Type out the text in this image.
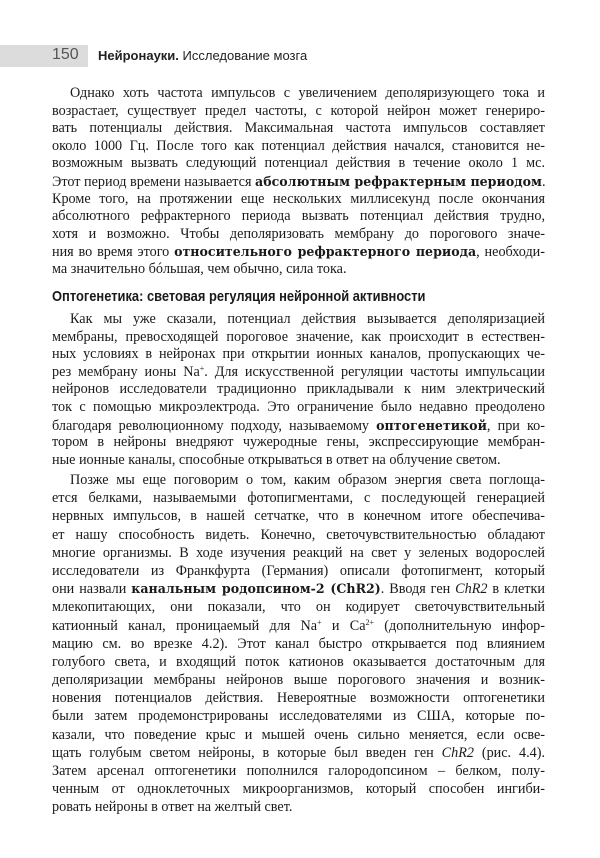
150 Нейронауки. Исследование мозга
Однако хоть частота импульсов с увеличением деполяризующего тока и
возрастает, существует предел частоты, с которой нейрон может генериро-
вать потенциалы действия. Максимальная частота импульсов составляет
около 1000 Гц. После того как потенциал действия начался, становится не-
возможным вызвать следующий потенциал действия в течение около 1 мс.
Этот период времени называется абсолютным рефрактерным периодом.
Кроме того, на протяжении еще нескольких миллисекунд после окончания
абсолютного рефрактерного периода вызвать потенциал действия трудно,
хотя и возможно. Чтобы деполяризовать мембрану до порогового значе-
ния во время этого относительного рефрактерного периода, необходи-
ма значительно бóльшая, чем обычно, сила тока.
Оптогенетика: световая регуляция нейронной активности
Как мы уже сказали, потенциал действия вызывается деполяризацией
мембраны, превосходящей пороговое значение, как происходит в естествен-
ных условиях в нейронах при открытии ионных каналов, пропускающих че-
рез мембрану ионы Na+. Для искусственной регуляции частоты импульсации
нейронов исследователи традиционно прикладывали к ним электрический
ток с помощью микроэлектрода. Это ограничение было недавно преодолено
благодаря революционному подходу, называемому оптогенетикой, при ко-
тором в нейроны внедряют чужеродные гены, экспрессирующие мембран-
ные ионные каналы, способные открываться в ответ на облучение светом.
Позже мы еще поговорим о том, каким образом энергия света поглоща-
ется белками, называемыми фотопигментами, с последующей генерацией
нервных импульсов, в нашей сетчатке, что в конечном итоге обеспечива-
ет нашу способность видеть. Конечно, светочувствительностью обладают
многие организмы. В ходе изучения реакций на свет у зеленых водорослей
исследователи из Франкфурта (Германия) описали фотопигмент, который
они назвали канальным родопсином-2 (ChR2). Вводя ген ChR2 в клетки
млекопитающих, они показали, что он кодирует светочувствительный
катионный канал, проницаемый для Na+ и $Ca^{2+}$ (дополнительную инфор-
мацию см. во врезке 4.2). Этот канал быстро открывается под влиянием
голубого света, и входящий поток катионов оказывается достаточным для
деполяризации мембраны нейронов выше порогового значения и возник-
новения потенциалов действия. Невероятные возможности оптогенетики
были затем продемонстрированы исследователями из США, которые по-
казали, что поведение крыс и мышей очень сильно меняется, если осве-
щать голубым светом нейроны, в которые был введен ген ChR2 (рис. 4.4).
Затем арсенал оптогенетики пополнился галородопсином – белком, полу-
ченным от одноклеточных микроорганизмов, который способен ингиби-
ровать нейроны в ответ на желтый свет.
